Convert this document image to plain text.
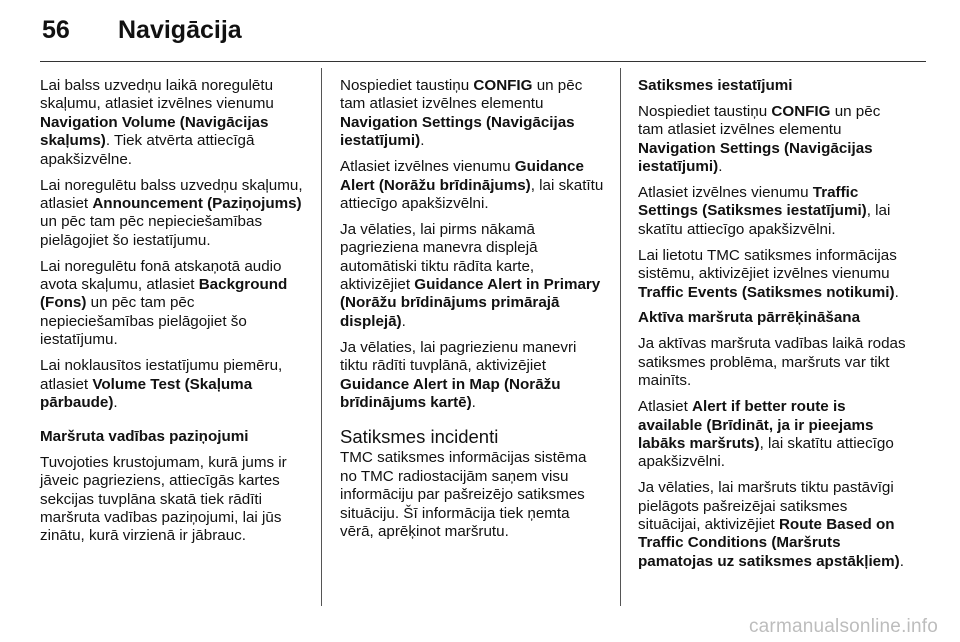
56	Navigācija

Lai balss uzvedņu laikā noregulētu skaļumu, atlasiet izvēlnes vienumu Navigation Volume (Navigācijas skaļums). Tiek atvērta attiecīgā apakšizvēlne.

Lai noregulētu balss uzvedņu skaļumu, atlasiet Announcement (Paziņojums) un pēc tam pēc nepieciešamības pielāgojiet šo iestatījumu.

Lai noregulētu fonā atskaņotā audio avota skaļumu, atlasiet Background (Fons) un pēc tam pēc nepieciešamības pielāgojiet šo iestatījumu.

Lai noklausītos iestatījumu piemēru, atlasiet Volume Test (Skaļuma pārbaude).

Maršruta vadības paziņojumi

Tuvojoties krustojumam, kurā jums ir jāveic pagrieziens, attiecīgās kartes sekcijas tuvplāna skatā tiek rādīti maršruta vadības paziņojumi, lai jūs zinātu, kurā virzienā ir jābrauc.

Nospiediet taustiņu CONFIG un pēc tam atlasiet izvēlnes elementu Navigation Settings (Navigācijas iestatījumi).

Atlasiet izvēlnes vienumu Guidance Alert (Norāžu brīdinājums), lai skatītu attiecīgo apakšizvēlni.

Ja vēlaties, lai pirms nākamā pagrieziena manevra displejā automātiski tiktu rādīta karte, aktivizējiet Guidance Alert in Primary (Norāžu brīdinājums primārajā displejā).

Ja vēlaties, lai pagriezienu manevri tiktu rādīti tuvplānā, aktivizējiet Guidance Alert in Map (Norāžu brīdinājums kartē).

Satiksmes incidenti

TMC satiksmes informācijas sistēma no TMC radiostacijām saņem visu informāciju par pašreizējo satiksmes situāciju. Šī informācija tiek ņemta vērā, aprēķinot maršrutu.

Satiksmes iestatījumi

Nospiediet taustiņu CONFIG un pēc tam atlasiet izvēlnes elementu Navigation Settings (Navigācijas iestatījumi).

Atlasiet izvēlnes vienumu Traffic Settings (Satiksmes iestatījumi), lai skatītu attiecīgo apakšizvēlni.

Lai lietotu TMC satiksmes informācijas sistēmu, aktivizējiet izvēlnes vienumu Traffic Events (Satiksmes notikumi).

Aktīva maršruta pārrēķināšana

Ja aktīvas maršruta vadības laikā rodas satiksmes problēma, maršruts var tikt mainīts.

Atlasiet Alert if better route is available (Brīdināt, ja ir pieejams labāks maršruts), lai skatītu attiecīgo apakšizvēlni.

Ja vēlaties, lai maršruts tiktu pastāvīgi pielāgots pašreizējai satiksmes situācijai, aktivizējiet Route Based on Traffic Conditions (Maršruts pamatojas uz satiksmes apstākļiem).

carmanualsonline.info
